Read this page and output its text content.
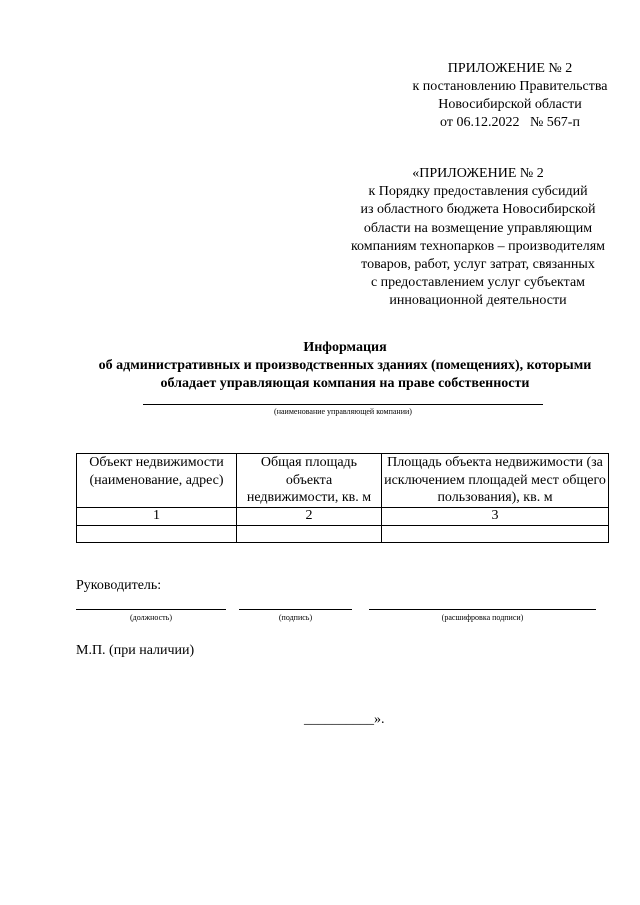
ПРИЛОЖЕНИЕ № 2
к постановлению Правительства
Новосибирской области
от 06.12.2022   № 567-п
«ПРИЛОЖЕНИЕ № 2
к Порядку предоставления субсидий
из областного бюджета Новосибирской
области на возмещение управляющим
компаниям технопарков – производителям
товаров, работ, услуг затрат, связанных
с предоставлением услуг субъектам
инновационной деятельности
Информация
об административных и производственных зданиях (помещениях), которыми
обладает управляющая компания на праве собственности
(наименование управляющей компании)
Объект недвижимости (наименование, адрес)	Общая площадь объекта недвижимости, кв. м	Площадь объекта недвижимости (за исключением площадей мест общего пользования), кв. м
1	2	3

Руководитель:
(должность)	(подпись)	(расшифровка подписи)
М.П. (при наличии)
__________».
